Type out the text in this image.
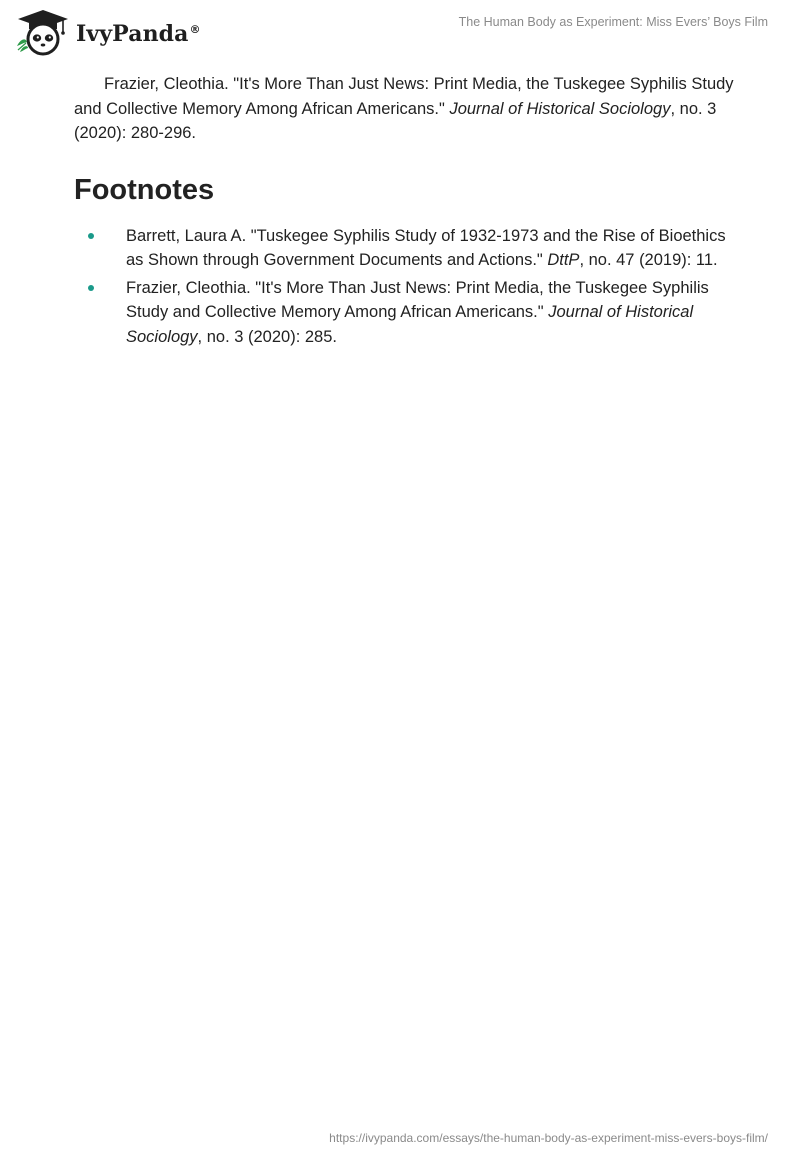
IvyPanda®
The Human Body as Experiment: Miss Evers’ Boys Film

Frazier, Cleothia. "It's More Than Just News: Print Media, the Tuskegee Syphilis Study and Collective Memory Among African Americans." Journal of Historical Sociology, no. 3 (2020): 280-296.

Footnotes
Barrett, Laura A. "Tuskegee Syphilis Study of 1932-1973 and the Rise of Bioethics as Shown through Government Documents and Actions." DttP, no. 47 (2019): 11.
Frazier, Cleothia. "It's More Than Just News: Print Media, the Tuskegee Syphilis Study and Collective Memory Among African Americans." Journal of Historical Sociology, no. 3 (2020): 285.
https://ivypanda.com/essays/the-human-body-as-experiment-miss-evers-boys-film/
